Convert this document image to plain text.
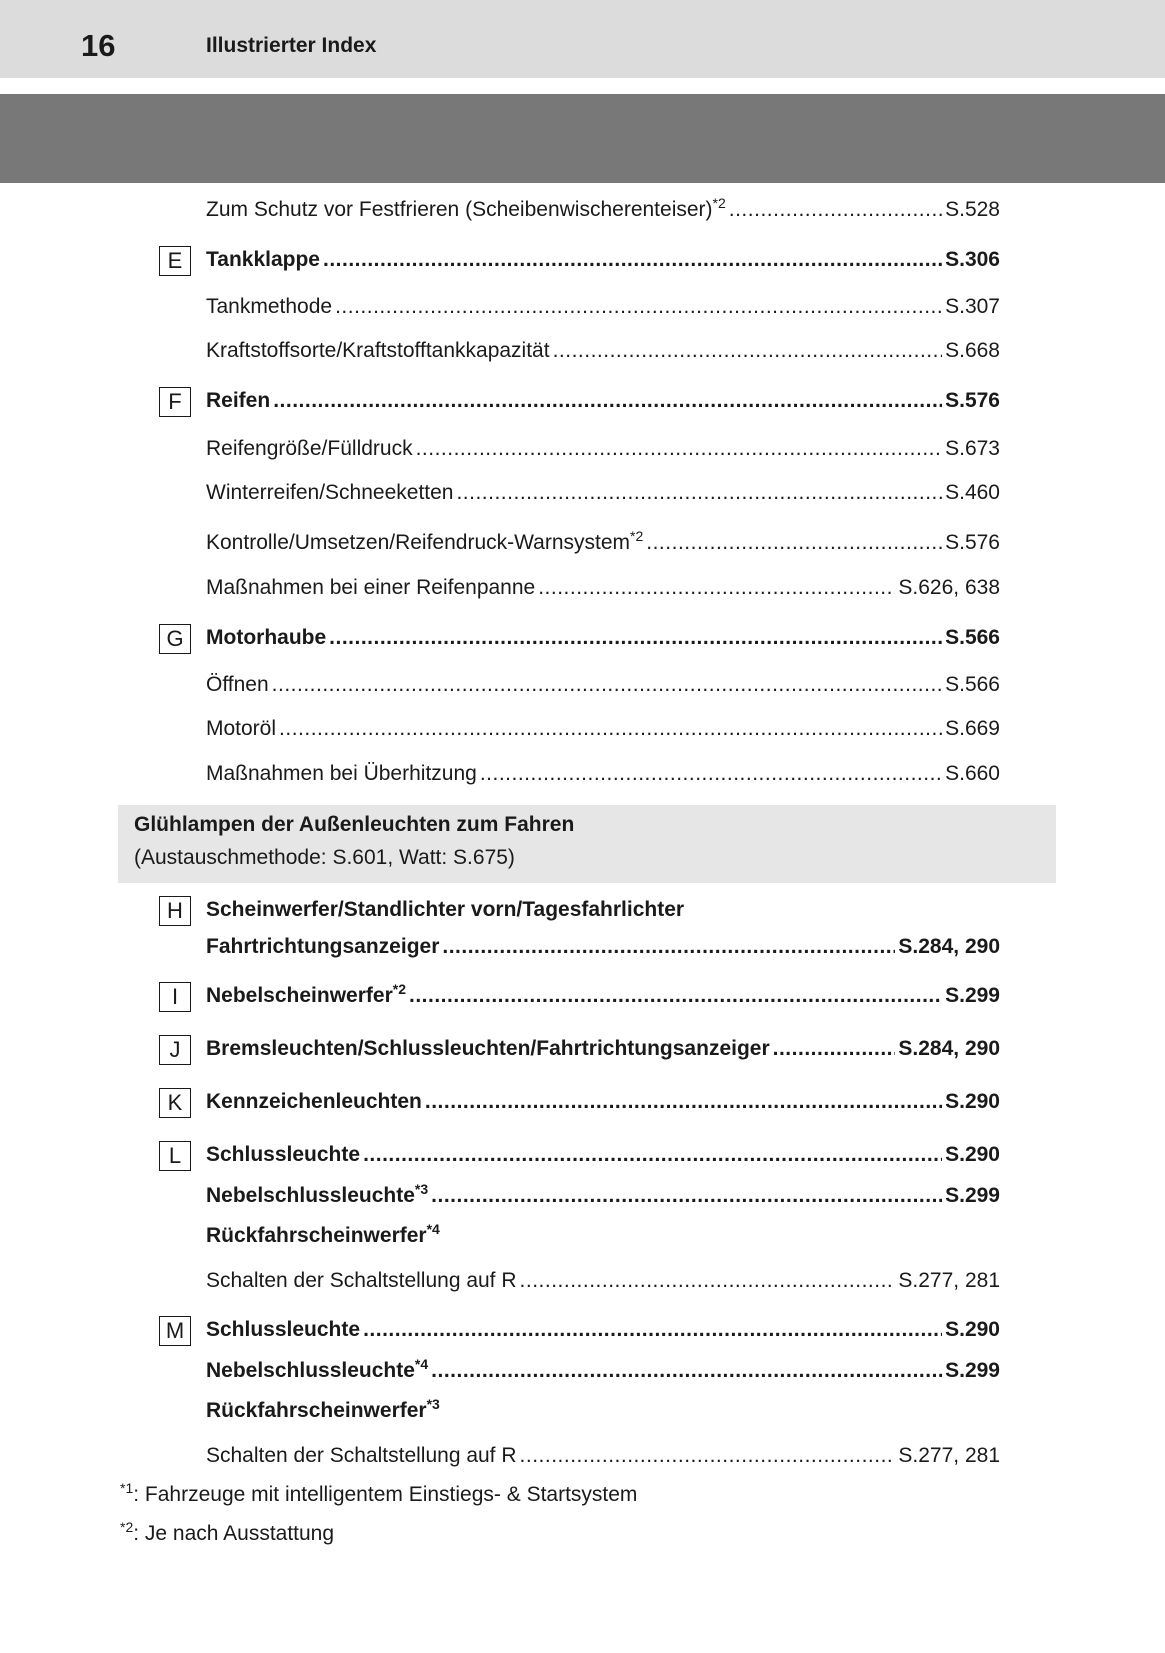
16	Illustrierter Index
Zum Schutz vor Festfrieren (Scheibenwischerenteiser)$^{*2}$ .....	S.528
E	Tankklappe .....	S.306
Tankmethode .....	S.307
Kraftstoffsorte/Kraftstofftankkapazität .....	S.668
F	Reifen .....	S.576
Reifengröße/Fülldruck .....	S.673
Winterreifen/Schneeketten .....	S.460
Kontrolle/Umsetzen/Reifendruck-Warnsystem$^{*2}$ .....	S.576
Maßnahmen bei einer Reifenpanne .....	S.626, 638
G	Motorhaube .....	S.566
Öffnen .....	S.566
Motoröl .....	S.669
Maßnahmen bei Überhitzung .....	S.660
Glühlampen der Außenleuchten zum Fahren
(Austauschmethode: S.601, Watt: S.675)
H	Scheinwerfer/Standlichter vorn/Tagesfahrlichter
Fahrtrichtungsanzeiger .....	S.284, 290
I	Nebelscheinwerfer$^{*2}$ .....	S.299
J	Bremsleuchten/Schlussleuchten/Fahrtrichtungsanzeiger .....	S.284, 290
K	Kennzeichenleuchten .....	S.290
L	Schlussleuchte .....	S.290
Nebelschlussleuchte$^{*3}$ .....	S.299
Rückfahrscheinwerfer$^{*4}$
Schalten der Schaltstellung auf R .....	S.277, 281
M	Schlussleuchte .....	S.290
Nebelschlussleuchte$^{*4}$ .....	S.299
Rückfahrscheinwerfer$^{*3}$
Schalten der Schaltstellung auf R .....	S.277, 281
$^{*1}$: Fahrzeuge mit intelligentem Einstiegs- & Startsystem
$^{*2}$: Je nach Ausstattung
